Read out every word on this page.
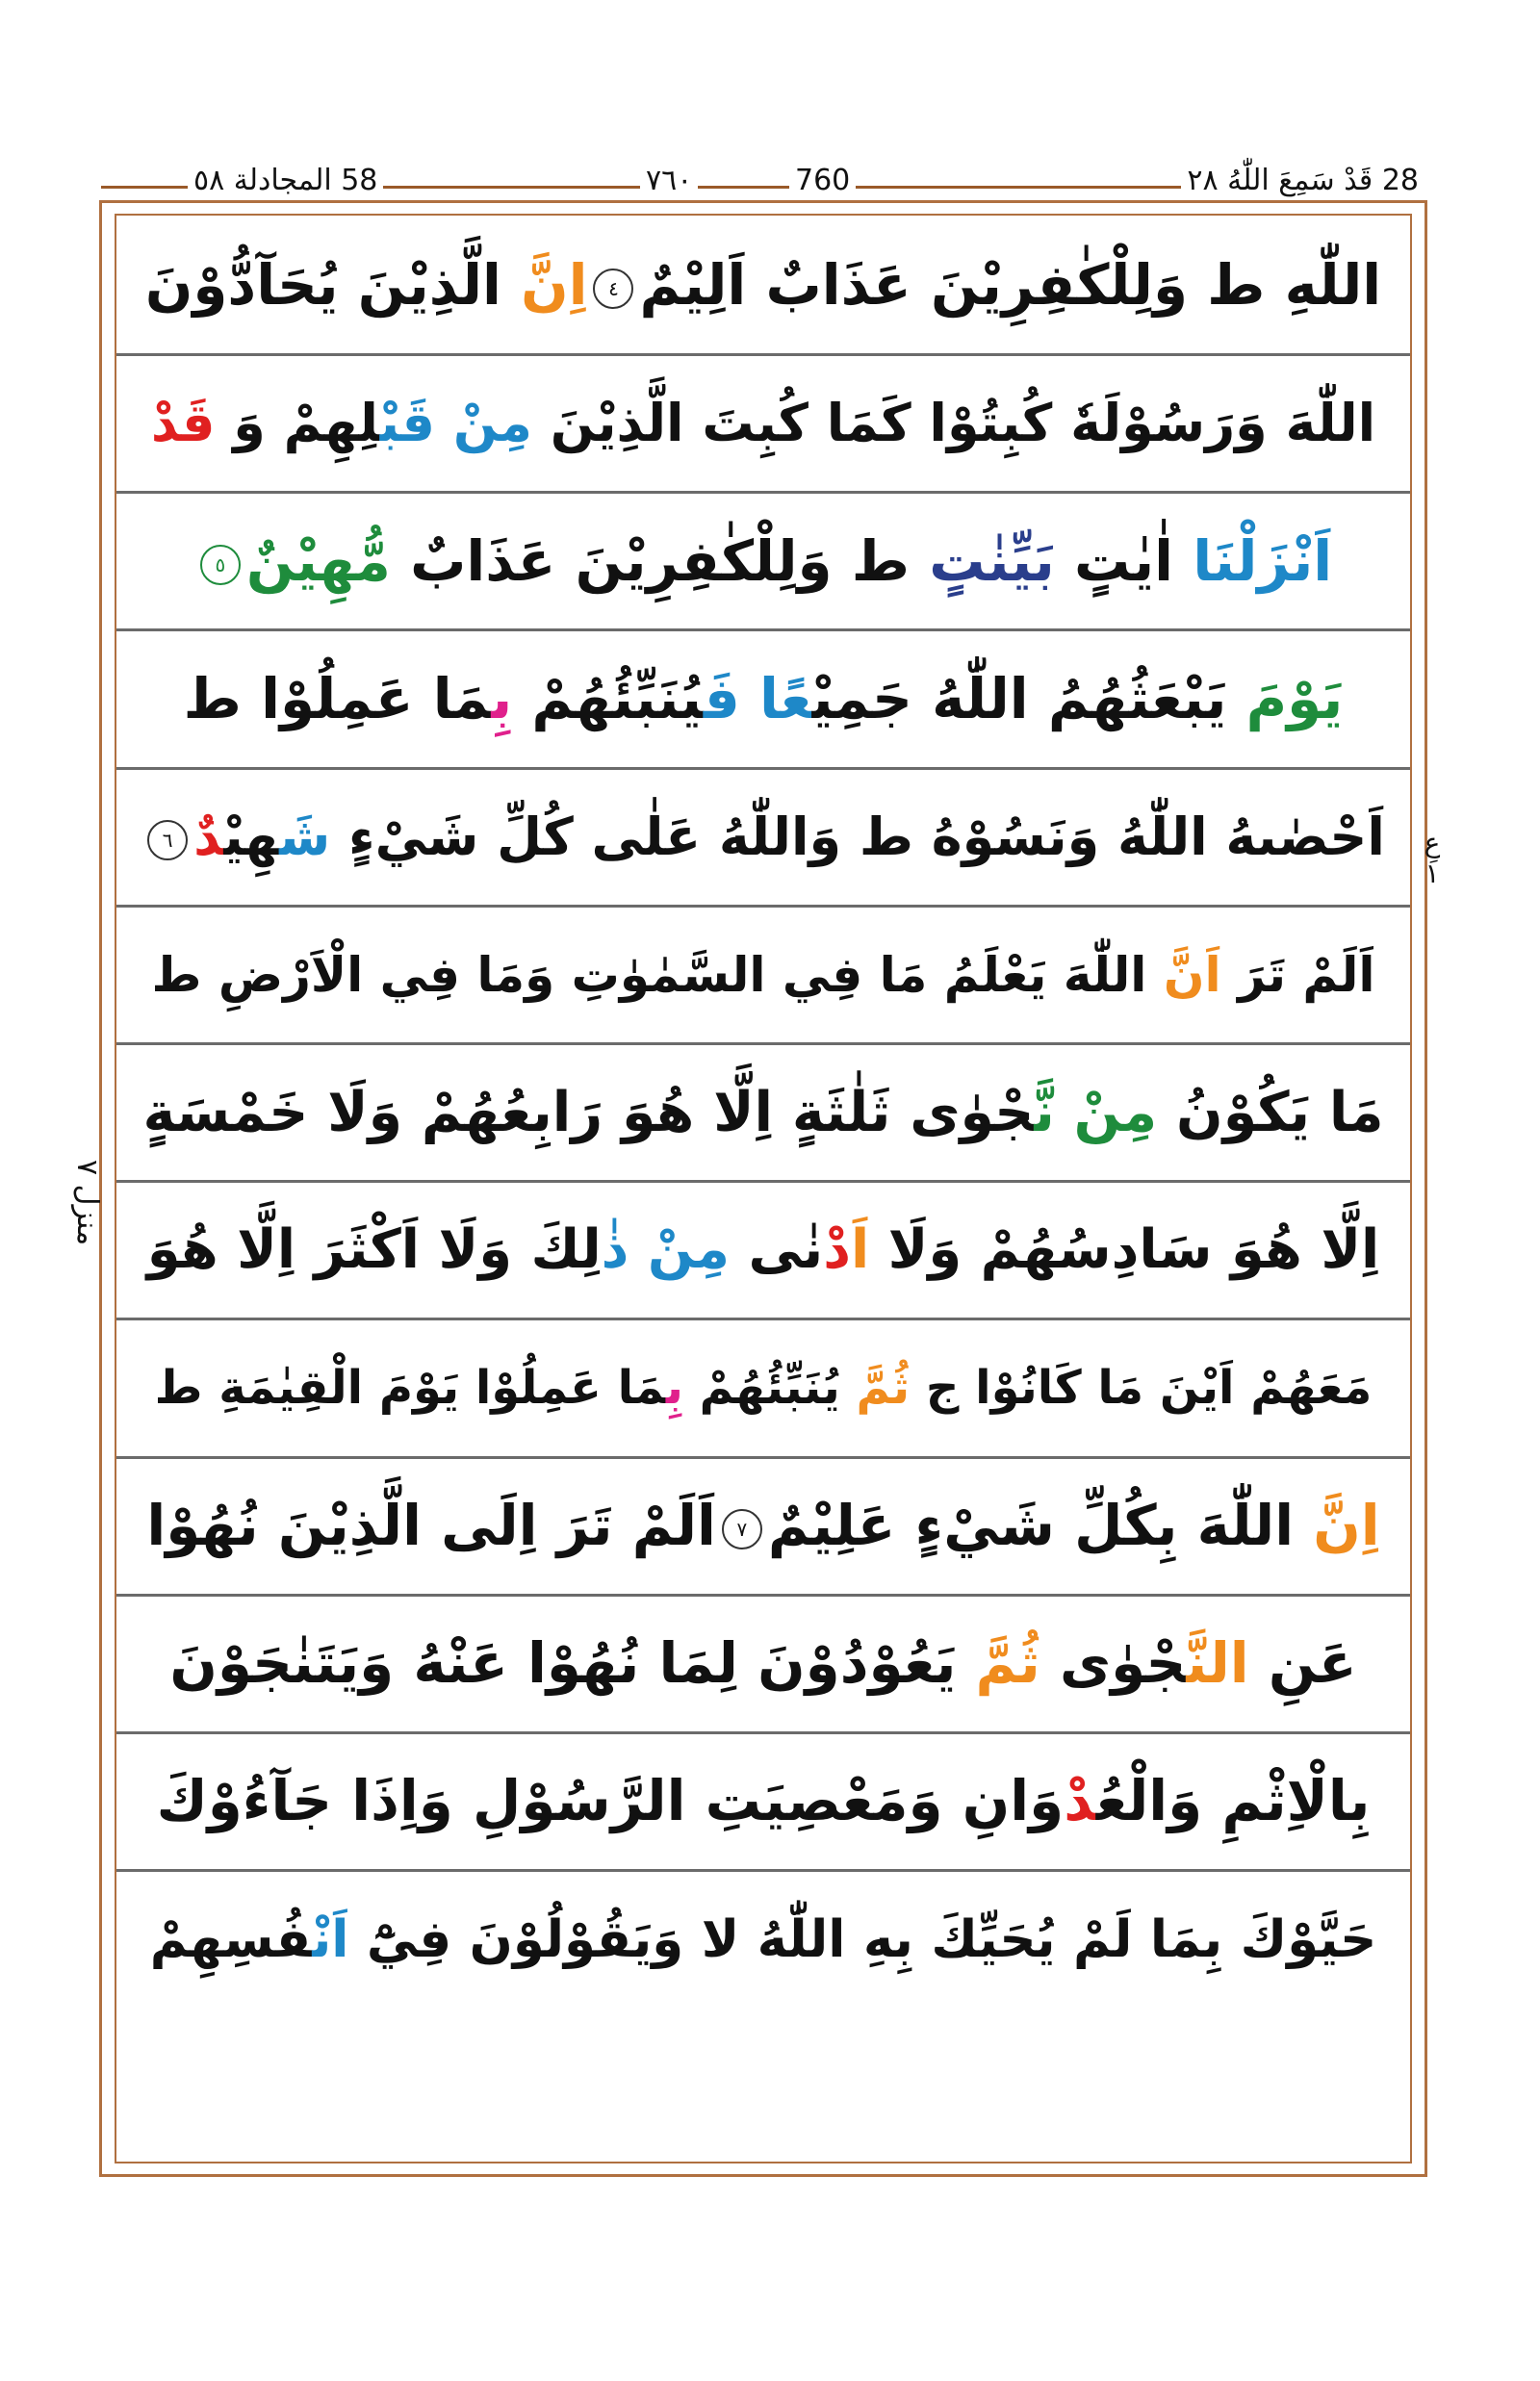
28 قَدْ سَمِعَ اللّٰهُ ٢٨
٧٦٠	760
58 المجادلة ٥٨
اللّٰهِ ط وَلِلْكٰفِرِيْنَ عَذَابٌ اَلِيْمٌ٤اِنَّ الَّذِيْنَ يُحَآدُّوْنَ
اللّٰهَ وَرَسُوْلَهٗ كُبِتُوْا كَمَا كُبِتَ الَّذِيْنَ مِنْ قَبْلِهِمْ وَ قَدْ
اَنْزَلْنَا اٰيٰتٍ بَيِّنٰتٍ ط وَلِلْكٰفِرِيْنَ عَذَابٌ مُّهِيْنٌ٥
يَوْمَ يَبْعَثُهُمُ اللّٰهُ جَمِيْعًا فَيُنَبِّئُهُمْ بِمَا عَمِلُوْا ط
اَحْصٰىهُ اللّٰهُ وَنَسُوْهُ ط وَاللّٰهُ عَلٰى كُلِّ شَيْءٍ شَهِيْدٌ٦
اَلَمْ تَرَ اَنَّ اللّٰهَ يَعْلَمُ مَا فِي السَّمٰوٰتِ وَمَا فِي الْاَرْضِ ط
مَا يَكُوْنُ مِنْ نَّجْوٰى ثَلٰثَةٍ اِلَّا هُوَ رَابِعُهُمْ وَلَا خَمْسَةٍ
اِلَّا هُوَ سَادِسُهُمْ وَلَا اَدْنٰى مِنْ ذٰلِكَ وَلَا اَكْثَرَ اِلَّا هُوَ
مَعَهُمْ اَيْنَ مَا كَانُوْا ج ثُمَّ يُنَبِّئُهُمْ بِمَا عَمِلُوْا يَوْمَ الْقِيٰمَةِ ط
اِنَّ اللّٰهَ بِكُلِّ شَيْءٍ عَلِيْمٌ٧اَلَمْ تَرَ اِلَى الَّذِيْنَ نُهُوْا
عَنِ النَّجْوٰى ثُمَّ يَعُوْدُوْنَ لِمَا نُهُوْا عَنْهُ وَيَتَنٰجَوْنَ
بِالْاِثْمِ وَالْعُدْوَانِ وَمَعْصِيَتِ الرَّسُوْلِ وَاِذَا جَآءُوْكَ
حَيَّوْكَ بِمَا لَمْ يُحَيِّكَ بِهِ اللّٰهُ لا وَيَقُوْلُوْنَ فِيْٓ اَنْفُسِهِمْ
عِ ١
منزل ٧
